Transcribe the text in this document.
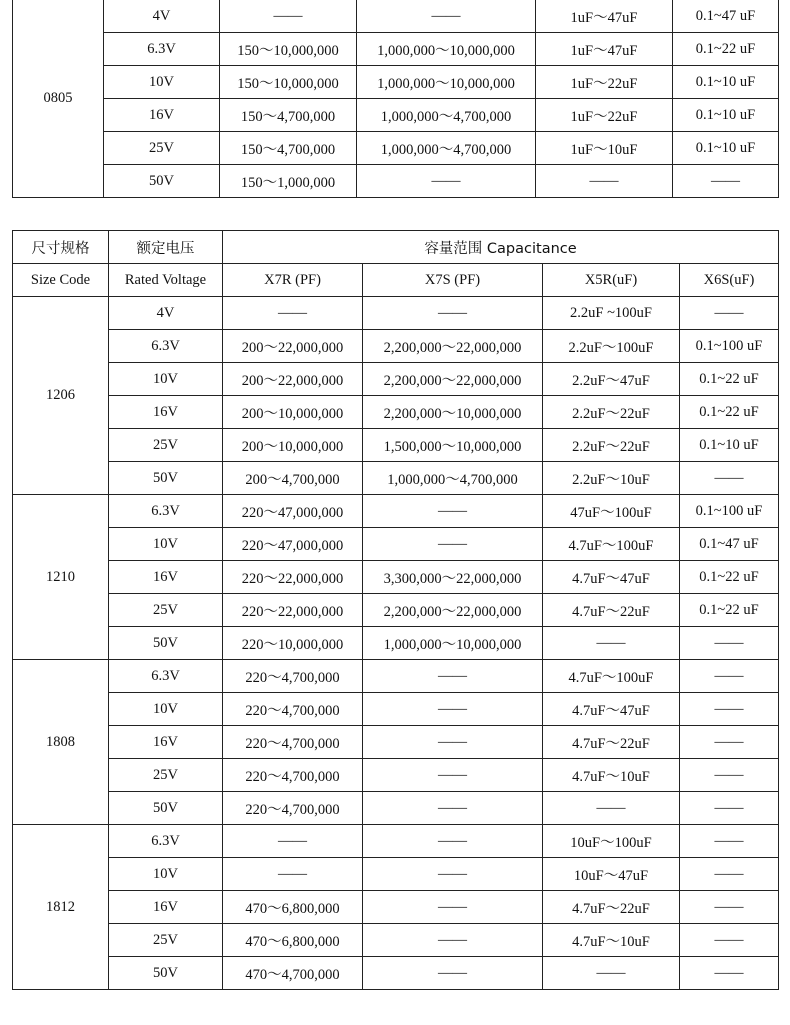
0805	4V	——	——	1uF～47uF	0.1~47 uF
	6.3V	150～10,000,000	1,000,000～10,000,000	1uF～47uF	0.1~22 uF
	10V	150～10,000,000	1,000,000～10,000,000	1uF～22uF	0.1~10 uF
	16V	150～4,700,000	1,000,000～4,700,000	1uF～22uF	0.1~10 uF
	25V	150～4,700,000	1,000,000～4,700,000	1uF～10uF	0.1~10 uF
	50V	150～1,000,000	——	——	——
尺寸规格	额定电压	容量范围 Capacitance			
Size Code	Rated Voltage	X7R (PF)	X7S (PF)	X5R(uF)	X6S(uF)
1206	4V	——	——	2.2uF ~100uF	——
	6.3V	200～22,000,000	2,200,000～22,000,000	2.2uF～100uF	0.1~100 uF
	10V	200～22,000,000	2,200,000～22,000,000	2.2uF～47uF	0.1~22 uF
	16V	200～10,000,000	2,200,000～10,000,000	2.2uF～22uF	0.1~22 uF
	25V	200～10,000,000	1,500,000～10,000,000	2.2uF～22uF	0.1~10 uF
	50V	200～4,700,000	1,000,000～4,700,000	2.2uF～10uF	——
1210	6.3V	220～47,000,000	——	47uF～100uF	0.1~100 uF
	10V	220～47,000,000	——	4.7uF～100uF	0.1~47 uF
	16V	220～22,000,000	3,300,000～22,000,000	4.7uF～47uF	0.1~22 uF
	25V	220～22,000,000	2,200,000～22,000,000	4.7uF～22uF	0.1~22 uF
	50V	220～10,000,000	1,000,000～10,000,000	——	——
1808	6.3V	220～4,700,000	——	4.7uF～100uF	——
	10V	220～4,700,000	——	4.7uF～47uF	——
	16V	220～4,700,000	——	4.7uF～22uF	——
	25V	220～4,700,000	——	4.7uF～10uF	——
	50V	220～4,700,000	——	——	——
1812	6.3V	——	——	10uF～100uF	——
	10V	——	——	10uF～47uF	——
	16V	470～6,800,000	——	4.7uF～22uF	——
	25V	470～6,800,000	——	4.7uF～10uF	——
	50V	470～4,700,000	——	——	——
